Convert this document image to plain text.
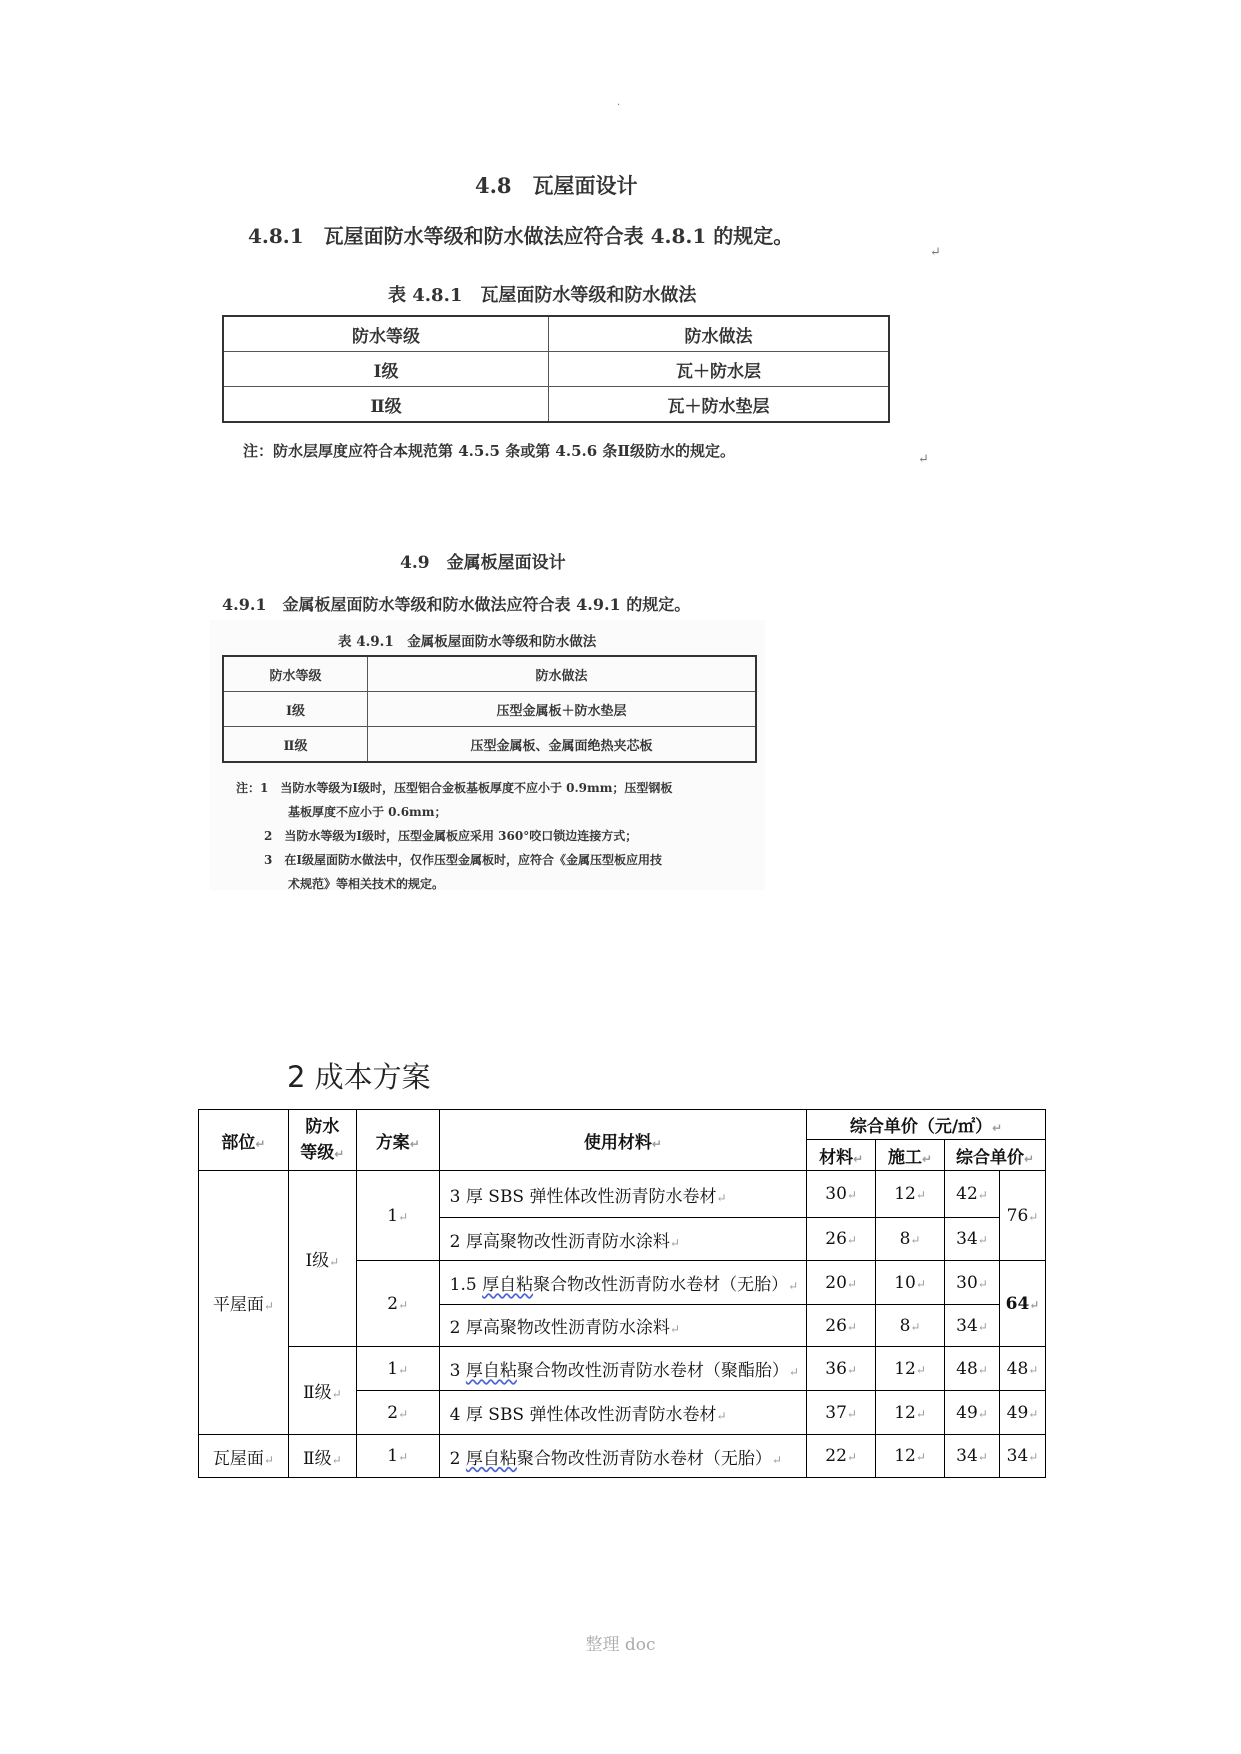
·
4.8　瓦屋面设计
4.8.1　瓦屋面防水等级和防水做法应符合表 4.8.1 的规定。
↵
表 4.8.1　瓦屋面防水等级和防水做法
防水等级	防水做法
Ⅰ级	瓦＋防水层
Ⅱ级	瓦＋防水垫层
注：防水层厚度应符合本规范第 4.5.5 条或第 4.5.6 条Ⅱ级防水的规定。	↵
4.9　金属板屋面设计
4.9.1　金属板屋面防水等级和防水做法应符合表 4.9.1 的规定。
表 4.9.1　金属板屋面防水等级和防水做法
防水等级	防水做法
Ⅰ级	压型金属板＋防水垫层
Ⅱ级	压型金属板、金属面绝热夹芯板
注：1　当防水等级为Ⅰ级时，压型铝合金板基板厚度不应小于 0.9mm；压型钢板
基板厚度不应小于 0.6mm；
2　当防水等级为Ⅰ级时，压型金属板应采用 360°咬口锁边连接方式；
3　在Ⅰ级屋面防水做法中，仅作压型金属板时，应符合《金属压型板应用技
术规范》等相关技术的规定。
2 成本方案
部位↵	防水
等级↵	方案↵	使用材料↵	综合单价（元/㎡）↵			
				材料↵	施工↵	综合单价↵	
平屋面↵	Ⅰ级↵	1↵	3 厚 SBS 弹性体改性沥青防水卷材↵	30↵	12↵	42↵	76↵
			2 厚高聚物改性沥青防水涂料↵	26↵	8↵	34↵	
		2↵	1.5 厚自粘聚合物改性沥青防水卷材（无胎）↵	20↵	10↵	30↵	64↵
			2 厚高聚物改性沥青防水涂料↵	26↵	8↵	34↵	
	Ⅱ级↵	1↵	3 厚自粘聚合物改性沥青防水卷材（聚酯胎）↵	36↵	12↵	48↵	48↵
		2↵	4 厚 SBS 弹性体改性沥青防水卷材↵	37↵	12↵	49↵	49↵
瓦屋面↵	Ⅱ级↵	1↵	2 厚自粘聚合物改性沥青防水卷材（无胎）↵	22↵	12↵	34↵	34↵
整理 doc
